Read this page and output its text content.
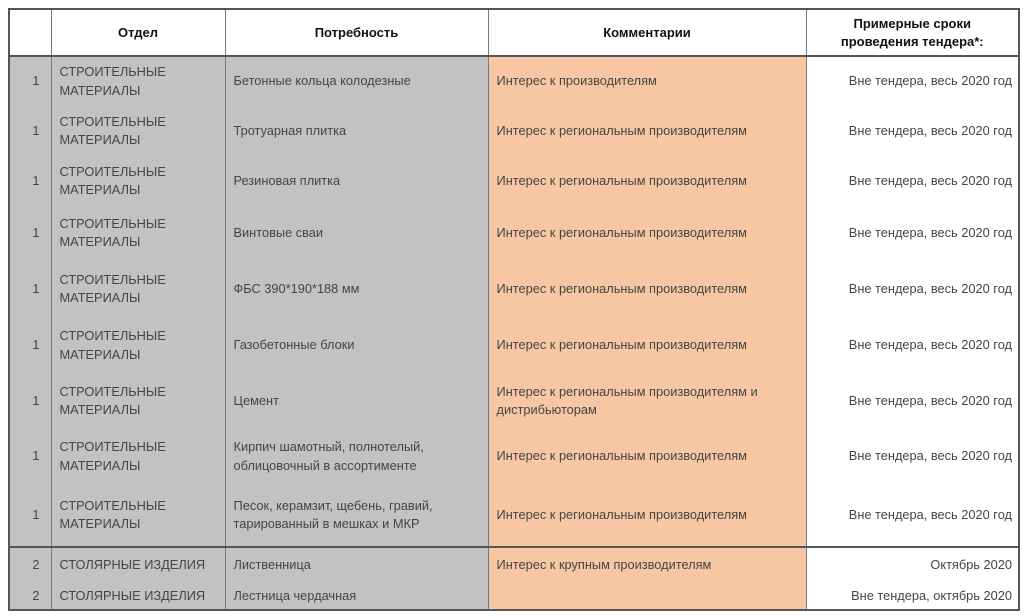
	Отдел	Потребность	Комментарии	Примерные сроки проведения тендера*:
1	СТРОИТЕЛЬНЫЕ МАТЕРИАЛЫ	Бетонные кольца колодезные	Интерес к производителям	Вне тендера, весь 2020 год
1	СТРОИТЕЛЬНЫЕ МАТЕРИАЛЫ	Тротуарная плитка	Интерес к региональным производителям	Вне тендера, весь 2020 год
1	СТРОИТЕЛЬНЫЕ МАТЕРИАЛЫ	Резиновая плитка	Интерес к региональным производителям	Вне тендера, весь 2020 год
1	СТРОИТЕЛЬНЫЕ МАТЕРИАЛЫ	Винтовые сваи	Интерес к региональным производителям	Вне тендера, весь 2020 год
1	СТРОИТЕЛЬНЫЕ МАТЕРИАЛЫ	ФБС 390*190*188 мм	Интерес к региональным производителям	Вне тендера, весь 2020 год
1	СТРОИТЕЛЬНЫЕ МАТЕРИАЛЫ	Газобетонные блоки	Интерес к региональным производителям	Вне тендера, весь 2020 год
1	СТРОИТЕЛЬНЫЕ МАТЕРИАЛЫ	Цемент	Интерес к региональным производителям и дистрибьюторам	Вне тендера, весь 2020 год
1	СТРОИТЕЛЬНЫЕ МАТЕРИАЛЫ	Кирпич шамотный, полнотелый, облицовочный в ассортименте	Интерес к региональным производителям	Вне тендера, весь 2020 год
1	СТРОИТЕЛЬНЫЕ МАТЕРИАЛЫ	Песок, керамзит, щебень, гравий, тарированный в мешках и МКР	Интерес к региональным производителям	Вне тендера, весь 2020 год
2	СТОЛЯРНЫЕ ИЗДЕЛИЯ	Лиственница	Интерес к крупным производителям	Октябрь 2020
2	СТОЛЯРНЫЕ ИЗДЕЛИЯ	Лестница чердачная		Вне тендера, октябрь 2020
